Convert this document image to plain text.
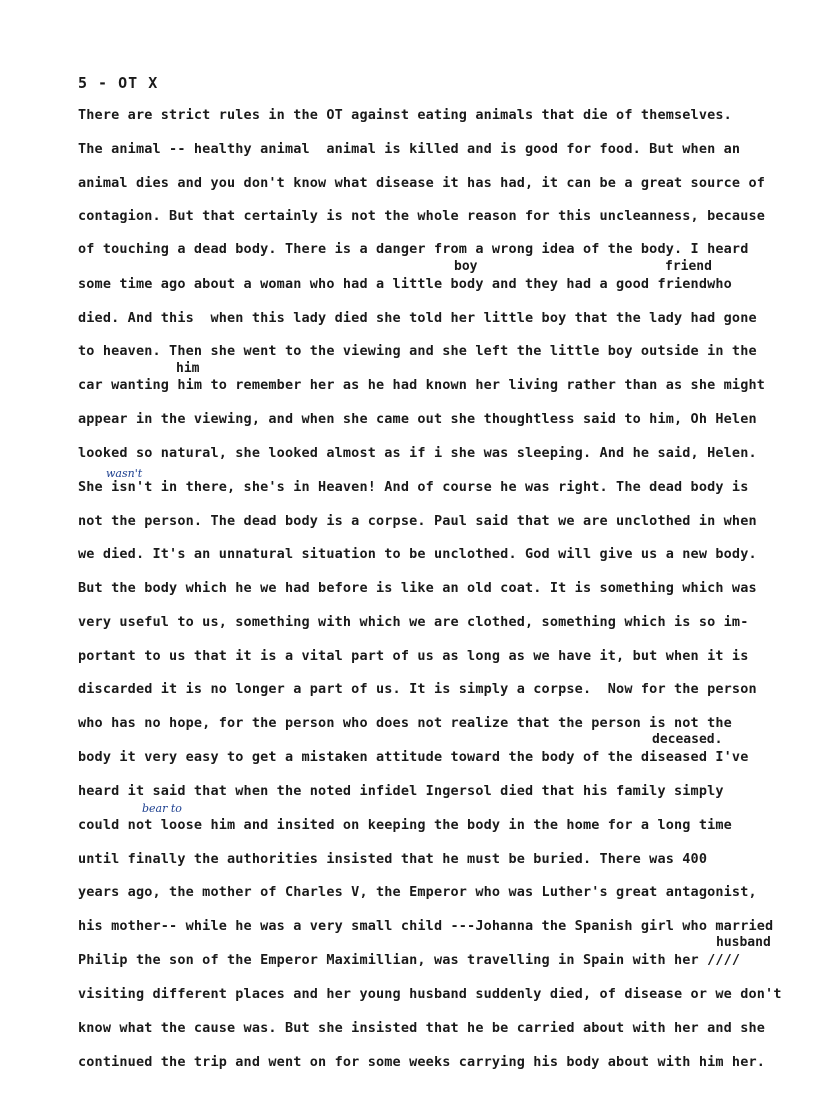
5 - OT X
There are strict rules in the OT against eating animals that die of themselves.
The animal -- healthy animal  animal is killed and is good for food. But when an
animal dies and you don't know what disease it has had, it can be a great source of
contagion. But that certainly is not the whole reason for this uncleanness, because
of touching a dead body. There is a danger from a wrong idea of the body. I heard
some time ago about a woman who had a little body and they had a good friendwho
died. And this  when this lady died she told her little boy that the lady had gone
to heaven. Then she went to the viewing and she left the little boy outside in the
car wanting him to remember her as he had known her living rather than as she might
appear in the viewing, and when she came out she thoughtless said to him, Oh Helen
looked so natural, she looked almost as if i she was sleeping. And he said, Helen.
She isn't in there, she's in Heaven! And of course he was right. The dead body is
not the person. The dead body is a corpse. Paul said that we are unclothed in when
we died. It's an unnatural situation to be unclothed. God will give us a new body.
But the body which he we had before is like an old coat. It is something which was
very useful to us, something with which we are clothed, something which is so im-
portant to us that it is a vital part of us as long as we have it, but when it is
discarded it is no longer a part of us. It is simply a corpse.  Now for the person
who has no hope, for the person who does not realize that the person is not the
body it very easy to get a mistaken attitude toward the body of the diseased I've
heard it said that when the noted infidel Ingersol died that his family simply
could not loose him and insited on keeping the body in the home for a long time
until finally the authorities insisted that he must be buried. There was 400
years ago, the mother of Charles V, the Emperor who was Luther's great antagonist,
his mother-- while he was a very small child ---Johanna the Spanish girl who married
Philip the son of the Emperor Maximillian, was travelling in Spain with her ////
visiting different places and her young husband suddenly died, of disease or we don't
know what the cause was. But she insisted that he be carried about with her and she
continued the trip and went on for some weeks carrying his body about with him her.
boy	friend
him
deceased.
husband
wasn't
bear to
